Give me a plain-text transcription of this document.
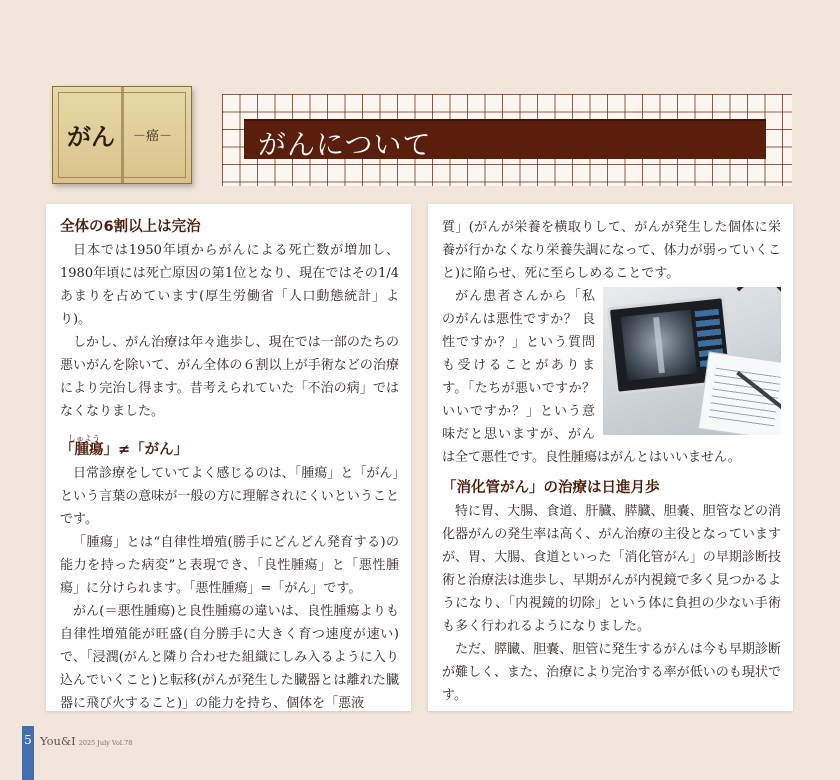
がん －癌－	がんについて
全体の6割以上は完治

日本では1950年頃からがんによる死亡数が増加し、1980年頃には死亡原因の第1位となり、現在ではその1/4あまりを占めています(厚生労働省「人口動態統計」より)。

しかし、がん治療は年々進歩し、現在では一部のたちの悪いがんを除いて、がん全体の６割以上が手術などの治療により完治し得ます。昔考えられていた「不治の病」ではなくなりました。

しゅよう
「腫瘍」≠「がん」

日常診療をしていてよく感じるのは、「腫瘍」と「がん」という言葉の意味が一般の方に理解されにくいということです。

「腫瘍」とは“自律性増殖(勝手にどんどん発育する)の能力を持った病変”と表現でき、「良性腫瘍」と「悪性腫瘍」に分けられます。「悪性腫瘍」=「がん」です。

がん(＝悪性腫瘍)と良性腫瘍の違いは、良性腫瘍よりも自律性増殖能が旺盛(自分勝手に大きく育つ速度が速い)で、「浸潤(がんと隣り合わせた組織にしみ入るように入り込んでいくこと)と転移(がんが発生した臓器とは離れた臓器に飛び火すること)」の能力を持ち、個体を「悪液

質」(がんが栄養を横取りして、がんが発生した個体に栄養が行かなくなり栄養失調になって、体力が弱っていくこと)に陥らせ、死に至らしめることです。

がん患者さんから「私のがんは悪性ですか？ 良性ですか？」という質問も受けることがあります。「たちが悪いですか？ いいですか？」という意味だと思いますが、がんは全て悪性です。良性腫瘍はがんとはいいません。

「消化管がん」の治療は日進月歩

特に胃、大腸、食道、肝臓、膵臓、胆嚢、胆管などの消化器がんの発生率は高く、がん治療の主役となっていますが、胃、大腸、食道といった「消化管がん」の早期診断技術と治療法は進歩し、早期がんが内視鏡で多く見つかるようになり、「内視鏡的切除」という体に負担の少ない手術も多く行われるようになりました。

ただ、膵臓、胆嚢、胆管に発生するがんは今も早期診断が難しく、また、治療により完治する率が低いのも現状です。

5 You&I 2025 July Vol.78
